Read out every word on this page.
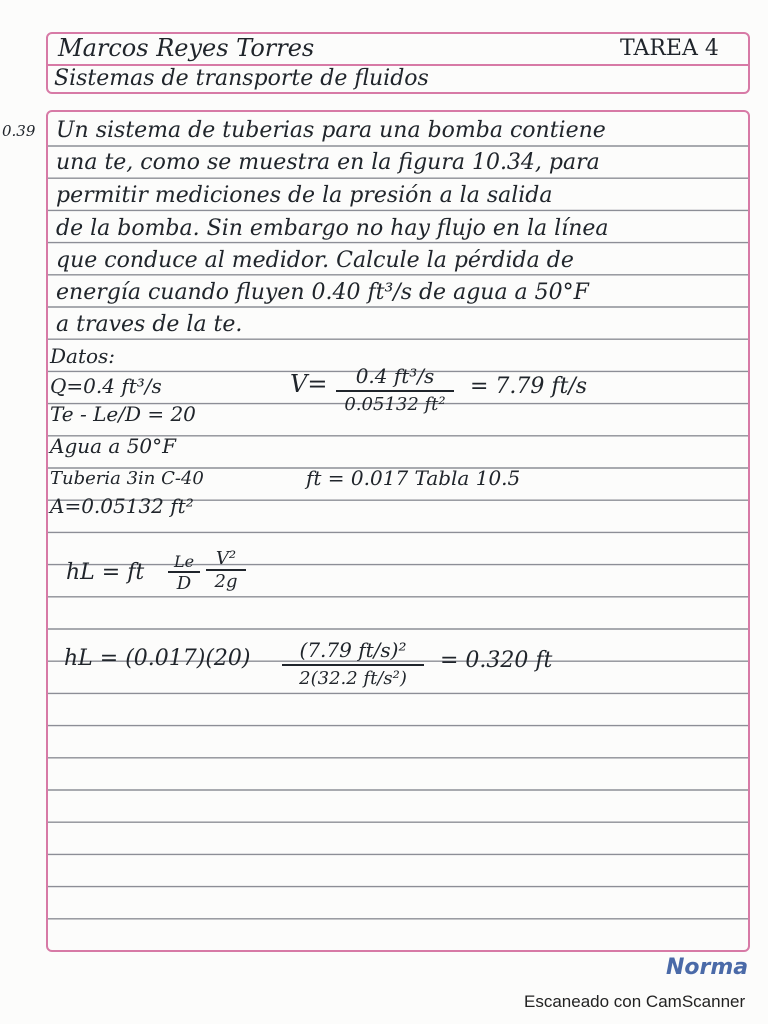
Marcos Reyes Torres	TAREA 4
Sistemas de transporte de fluidos
0.39 Un sistema de tuberias para una bomba contiene
una te, como se muestra en la figura 10.34, para
permitir mediciones de la presión a la salida
de la bomba. Sin embargo no hay flujo en la línea
que conduce al medidor. Calcule la pérdida de
energía cuando fluyen 0.40 ft³/s de agua a 50°F
a traves de la te.
Datos:
Q=0.4 ft³/s
Te - Le/D = 20
Agua a 50°F
Tuberia 3in C-40
A=0.05132 ft²
V=	0.4 ft³/s
0.05132 ft²
= 7.79 ft/s
ft = 0.017 Tabla 10.5
hL = ft	Le
D
V²
2g
hL = (0.017)(20)	(7.79 ft/s)²
2(32.2 ft/s²)
= 0.320 ft
Norma
Escaneado con CamScanner
